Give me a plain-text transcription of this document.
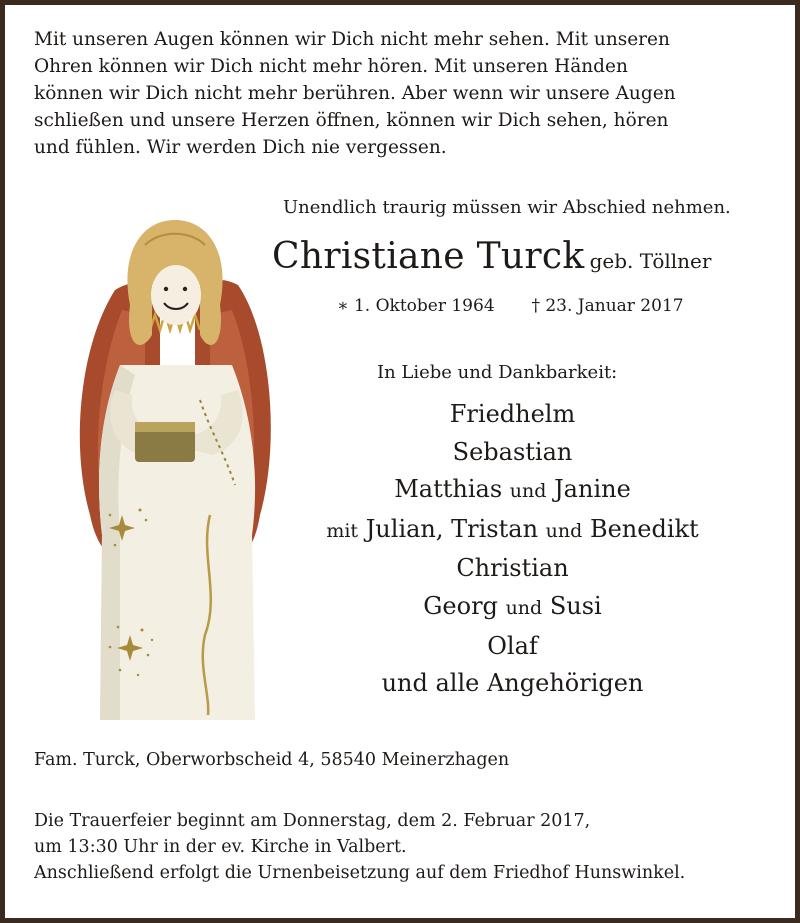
Mit unseren Augen können wir Dich nicht mehr sehen. Mit unseren
Ohren können wir Dich nicht mehr hören. Mit unseren Händen
können wir Dich nicht mehr berühren. Aber wenn wir unsere Augen
schließen und unsere Herzen öffnen, können wir Dich sehen, hören
und fühlen. Wir werden Dich nie vergessen.
Unendlich traurig müssen wir Abschied nehmen.
Christiane Turck geb. Töllner
∗ 1. Oktober 1964 † 23. Januar 2017
In Liebe und Dankbarkeit:
Friedhelm
Sebastian
Matthias und Janine
mit Julian, Tristan und Benedikt
Christian
Georg und Susi
Olaf
und alle Angehörigen
Fam. Turck, Oberworbscheid 4, 58540 Meinerzhagen
Die Trauerfeier beginnt am Donnerstag, dem 2. Februar 2017,
um 13:30 Uhr in der ev. Kirche in Valbert.
Anschließend erfolgt die Urnenbeisetzung auf dem Friedhof Hunswinkel.
